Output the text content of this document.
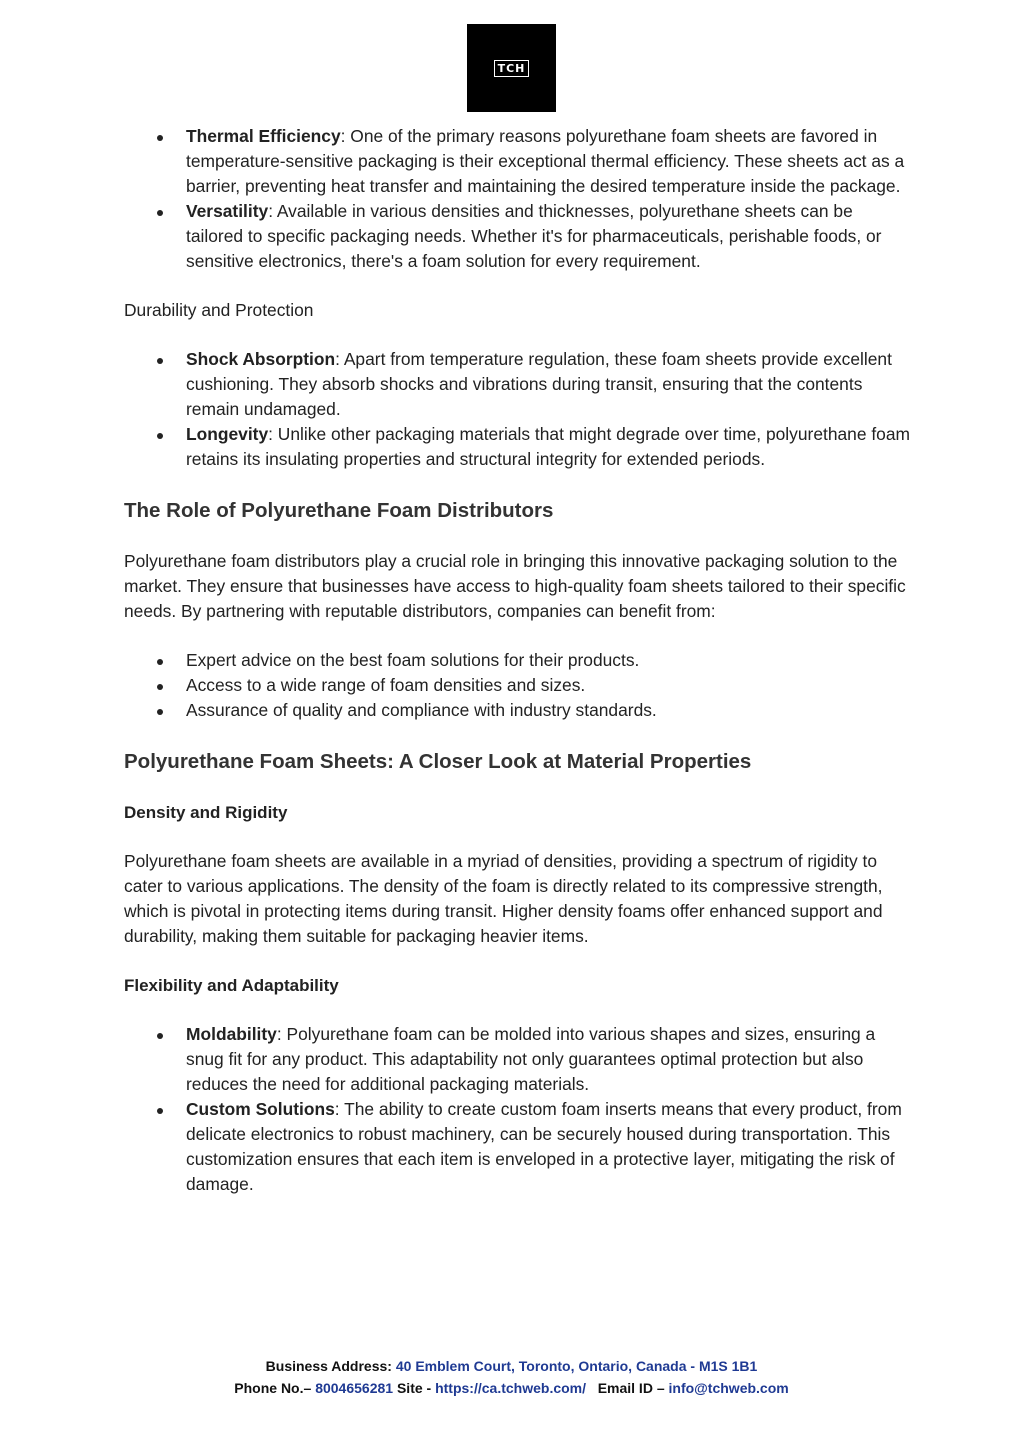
TCH
Thermal Efficiency: One of the primary reasons polyurethane foam sheets are favored in temperature-sensitive packaging is their exceptional thermal efficiency. These sheets act as a barrier, preventing heat transfer and maintaining the desired temperature inside the package.
Versatility: Available in various densities and thicknesses, polyurethane sheets can be tailored to specific packaging needs. Whether it's for pharmaceuticals, perishable foods, or sensitive electronics, there's a foam solution for every requirement.

Durability and Protection

Shock Absorption: Apart from temperature regulation, these foam sheets provide excellent cushioning. They absorb shocks and vibrations during transit, ensuring that the contents remain undamaged.
Longevity: Unlike other packaging materials that might degrade over time, polyurethane foam retains its insulating properties and structural integrity for extended periods.
The Role of Polyurethane Foam Distributors

Polyurethane foam distributors play a crucial role in bringing this innovative packaging solution to the market. They ensure that businesses have access to high-quality foam sheets tailored to their specific needs. By partnering with reputable distributors, companies can benefit from:

Expert advice on the best foam solutions for their products.
Access to a wide range of foam densities and sizes.
Assurance of quality and compliance with industry standards.
Polyurethane Foam Sheets: A Closer Look at Material Properties
Density and Rigidity

Polyurethane foam sheets are available in a myriad of densities, providing a spectrum of rigidity to cater to various applications. The density of the foam is directly related to its compressive strength, which is pivotal in protecting items during transit. Higher density foams offer enhanced support and durability, making them suitable for packaging heavier items.

Flexibility and Adaptability
Moldability: Polyurethane foam can be molded into various shapes and sizes, ensuring a snug fit for any product. This adaptability not only guarantees optimal protection but also reduces the need for additional packaging materials.
Custom Solutions: The ability to create custom foam inserts means that every product, from delicate electronics to robust machinery, can be securely housed during transportation. This customization ensures that each item is enveloped in a protective layer, mitigating the risk of damage.
Business Address: 40 Emblem Court, Toronto, Ontario, Canada - M1S 1B1
Phone No.– 8004656281 Site - https://ca.tchweb.com/ Email ID – info@tchweb.com
